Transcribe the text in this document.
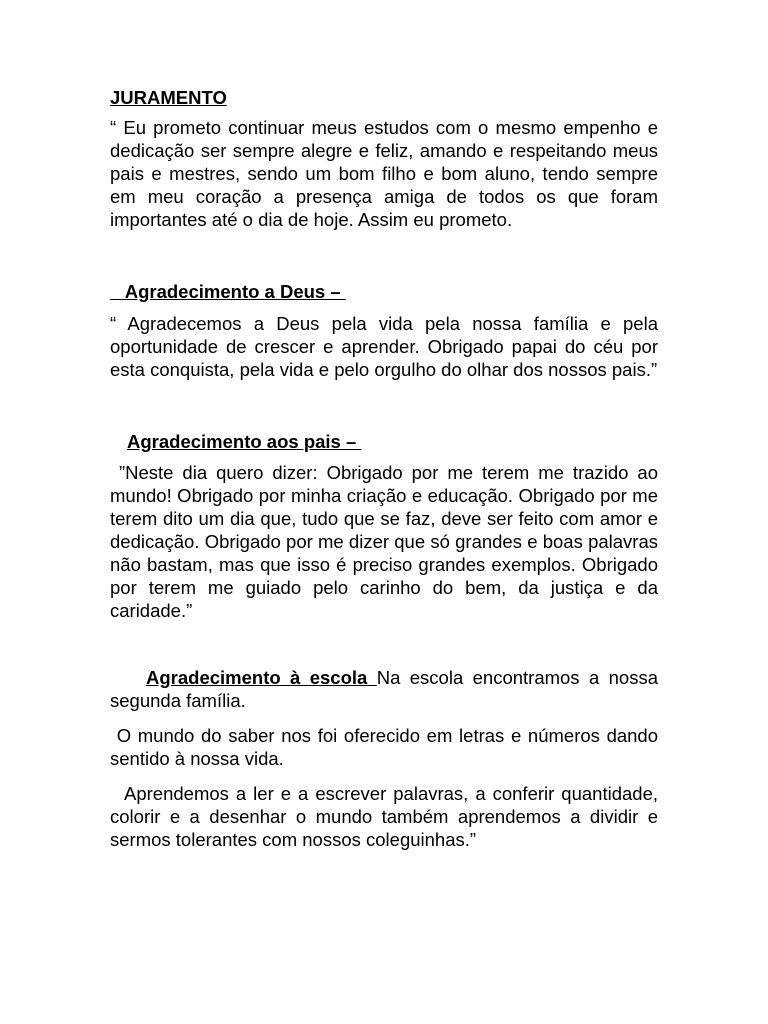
JURAMENTO

“ Eu prometo continuar meus estudos com o mesmo empenho e dedicação ser sempre alegre e feliz, amando e respeitando meus pais e mestres, sendo um bom filho e bom aluno, tendo sempre em meu coração a presença amiga de todos os que foram importantes até o dia de hoje. Assim eu prometo.

Agradecimento a Deus –

“ Agradecemos a Deus pela vida pela nossa família e pela oportunidade de crescer e aprender. Obrigado papai do céu por esta conquista, pela vida e pelo orgulho do olhar dos nossos pais.”

Agradecimento aos pais –

”Neste dia quero dizer: Obrigado por me terem me trazido ao mundo! Obrigado por minha criação e educação. Obrigado por me terem dito um dia que, tudo que se faz, deve ser feito com amor e dedicação. Obrigado por me dizer que só grandes e boas palavras não bastam, mas que isso é preciso grandes exemplos. Obrigado por terem me guiado pelo carinho do bem, da justiça e da caridade.”

Agradecimento à escola Na escola encontramos a nossa segunda família.

O mundo do saber nos foi oferecido em letras e números dando sentido à nossa vida.

Aprendemos a ler e a escrever palavras, a conferir quantidade, colorir e a desenhar o mundo também aprendemos a dividir e sermos tolerantes com nossos coleguinhas.”
